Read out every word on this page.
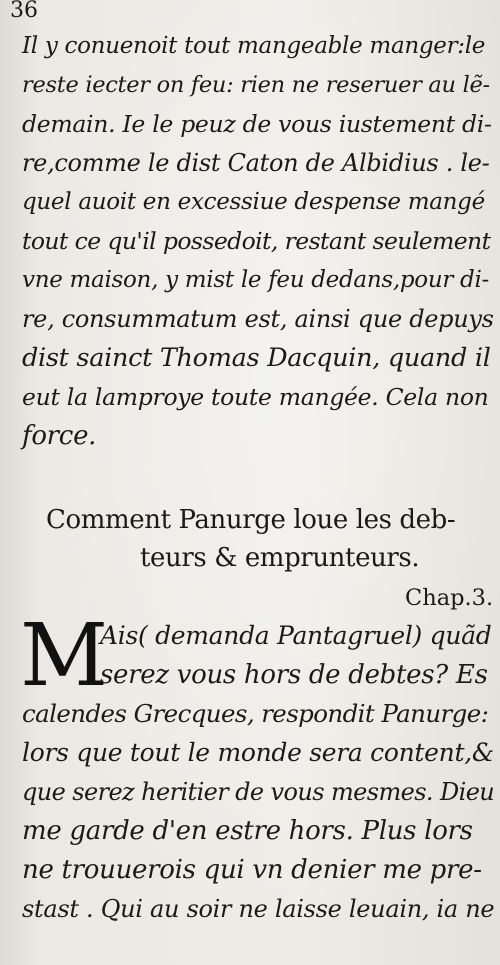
36
Il y conuenoit tout mangeable manger:le
reste iecter on feu: rien ne reseruer au lẽ-
demain. Ie le peuz de vous iustement di-
re,comme le dist Caton de Albidius . le-
quel auoit en excessiue despense mangé
tout ce qu'il possedoit, restant seulement
vne maison, y mist le feu dedans,pour di-
re, consummatum est, ainsi que depuys
dist sainct Thomas Dacquin, quand il
eut la lamproye toute mangée. Cela non
force.
Comment Panurge loue les deb-
teurs & emprunteurs.
Chap.3.
M
Ais( demanda Pantagruel) quãd
serez vous hors de debtes? Es
calendes Grecques, respondit Panurge:
lors que tout le monde sera content,&
que serez heritier de vous mesmes. Dieu
me garde d'en estre hors. Plus lors
ne trouuerois qui vn denier me pre-
stast . Qui au soir ne laisse leuain, ia ne
